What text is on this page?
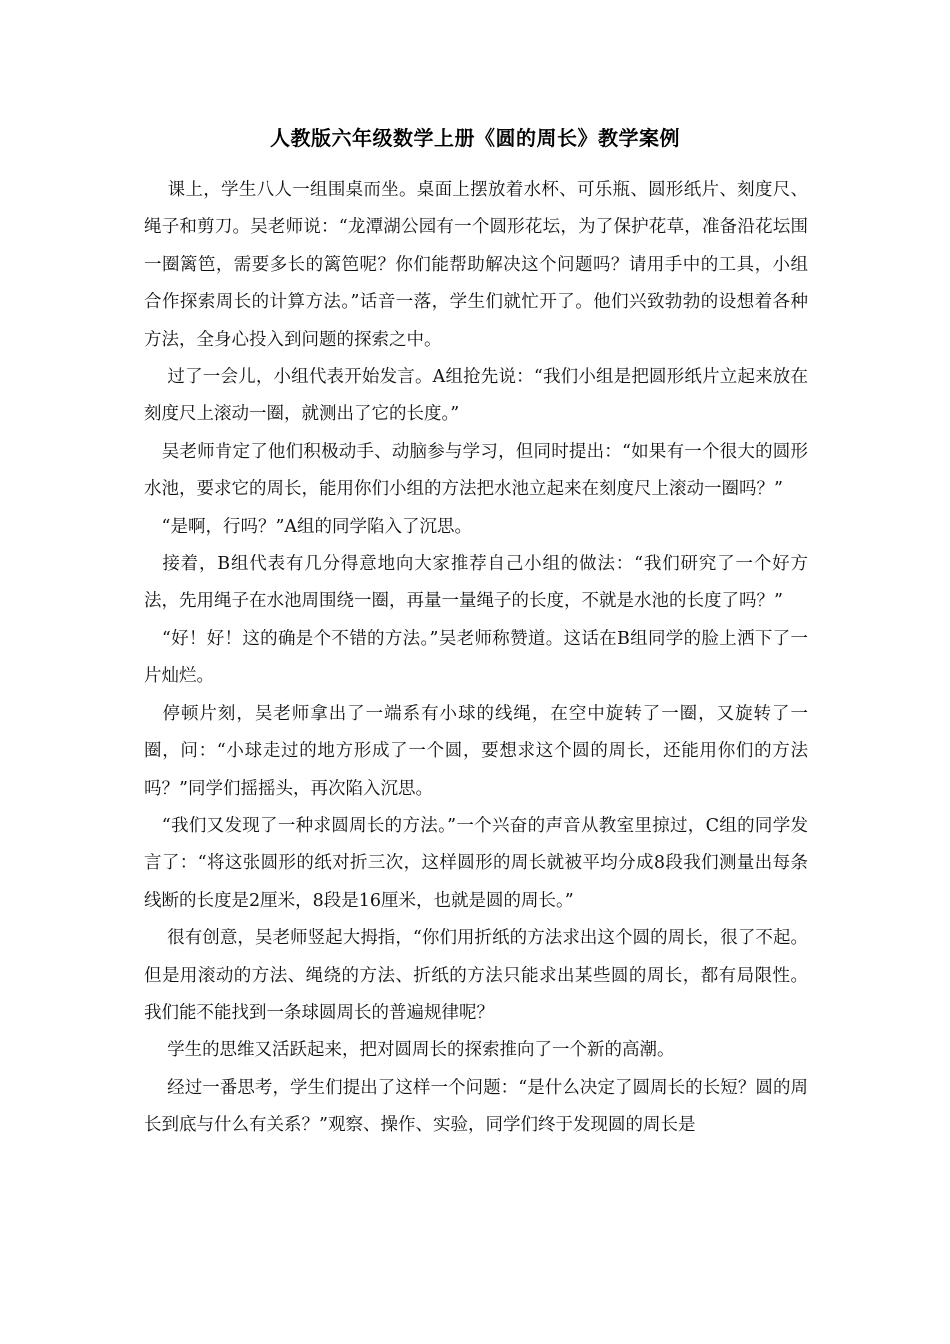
人教版六年级数学上册《圆的周长》教学案例

　 课上，学生八人一组围桌而坐。桌面上摆放着水杯、可乐瓶、圆形纸片、刻度尺、绳子和剪刀。吴老师说：“龙潭湖公园有一个圆形花坛，为了保护花草，准备沿花坛围一圈篱笆，需要多长的篱笆呢？你们能帮助解决这个问题吗？请用手中的工具，小组合作探索周长的计算方法。”话音一落，学生们就忙开了。他们兴致勃勃的设想着各种方法，全身心投入到问题的探索之中。

　 过了一会儿，小组代表开始发言。A组抢先说：“我们小组是把圆形纸片立起来放在刻度尺上滚动一圈，就测出了它的长度。”

　吴老师肯定了他们积极动手、动脑参与学习，但同时提出：“如果有一个很大的圆形水池，要求它的周长，能用你们小组的方法把水池立起来在刻度尺上滚动一圈吗？”

　“是啊，行吗？”A组的同学陷入了沉思。

　接着，B组代表有几分得意地向大家推荐自己小组的做法：“我们研究了一个好方法，先用绳子在水池周围绕一圈，再量一量绳子的长度，不就是水池的长度了吗？”

　“好！好！这的确是个不错的方法。”吴老师称赞道。这话在B组同学的脸上洒下了一片灿烂。

　停顿片刻，吴老师拿出了一端系有小球的线绳，在空中旋转了一圈，又旋转了一圈，问：“小球走过的地方形成了一个圆，要想求这个圆的周长，还能用你们的方法吗？”同学们摇摇头，再次陷入沉思。

　“我们又发现了一种求圆周长的方法。”一个兴奋的声音从教室里掠过，C组的同学发言了：“将这张圆形的纸对折三次，这样圆形的周长就被平均分成8段我们测量出每条线断的长度是2厘米，8段是16厘米，也就是圆的周长。”

　 很有创意，吴老师竖起大拇指，“你们用折纸的方法求出这个圆的周长，很了不起。但是用滚动的方法、绳绕的方法、折纸的方法只能求出某些圆的周长，都有局限性。我们能不能找到一条球圆周长的普遍规律呢？

　 学生的思维又活跃起来，把对圆周长的探索推向了一个新的高潮。

　 经过一番思考，学生们提出了这样一个问题：“是什么决定了圆周长的长短？圆的周长到底与什么有关系？”观察、操作、实验，同学们终于发现圆的周长是
